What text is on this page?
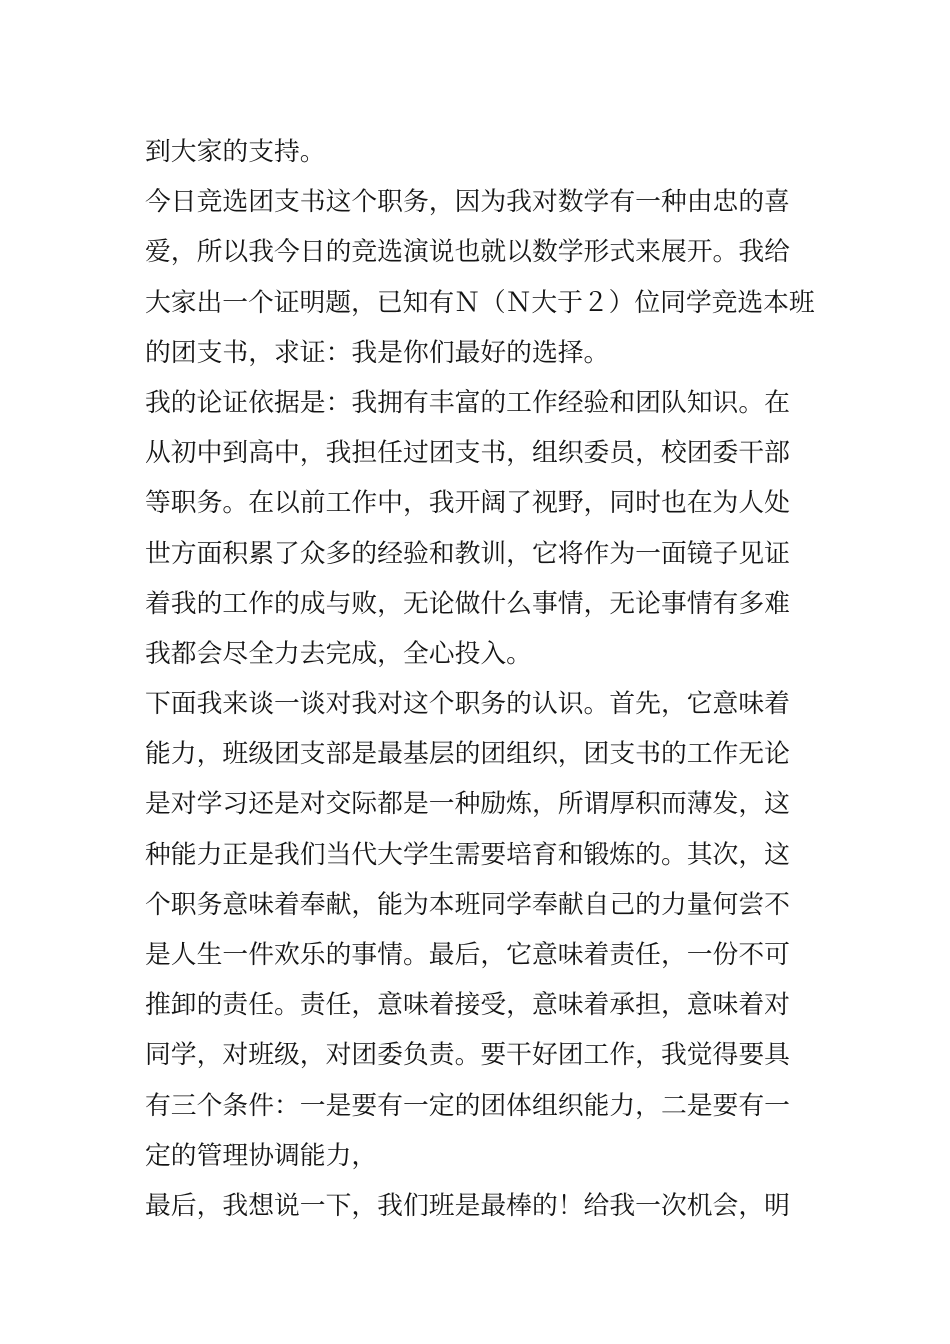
到大家的支持。
今日竞选团支书这个职务，因为我对数学有一种由忠的喜
爱，所以我今日的竞选演说也就以数学形式来展开。我给
大家出一个证明题，已知有Ｎ（Ｎ大于２）位同学竞选本班
的团支书，求证：我是你们最好的选择。
我的论证依据是：我拥有丰富的工作经验和团队知识。在
从初中到高中，我担任过团支书，组织委员，校团委干部
等职务。在以前工作中，我开阔了视野，同时也在为人处
世方面积累了众多的经验和教训，它将作为一面镜子见证
着我的工作的成与败，无论做什么事情，无论事情有多难
我都会尽全力去完成，全心投入。
下面我来谈一谈对我对这个职务的认识。首先，它意味着
能力，班级团支部是最基层的团组织，团支书的工作无论
是对学习还是对交际都是一种励炼，所谓厚积而薄发，这
种能力正是我们当代大学生需要培育和锻炼的。其次，这
个职务意味着奉献，能为本班同学奉献自己的力量何尝不
是人生一件欢乐的事情。最后，它意味着责任，一份不可
推卸的责任。责任，意味着接受，意味着承担，意味着对
同学，对班级，对团委负责。要干好团工作，我觉得要具
有三个条件：一是要有一定的团体组织能力，二是要有一
定的管理协调能力，
最后，我想说一下，我们班是最棒的！给我一次机会，明
